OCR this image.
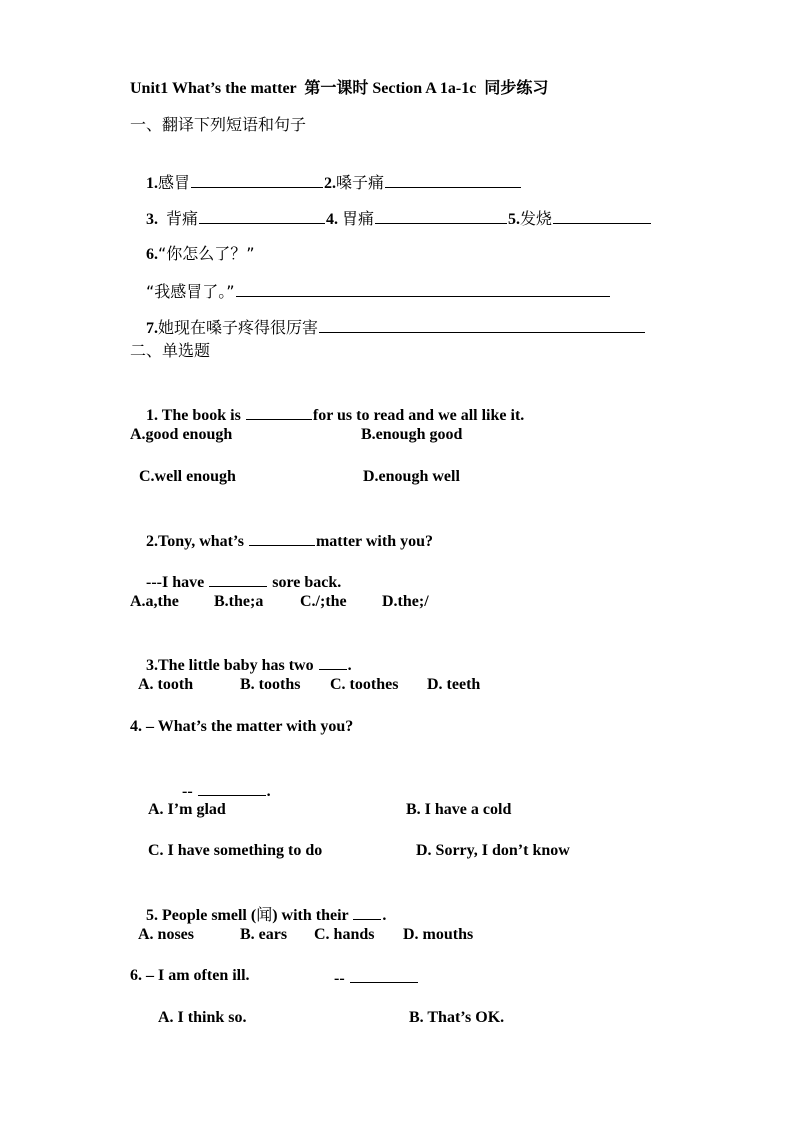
Unit1 What’s the matter  第一课时 Section A 1a-1c  同步练习
一、翻译下列短语和句子

1.感冒	2.嗓子痛

3.  背痛	4. 胃痛	5.发烧

6.“你怎么了？”

“我感冒了。”

7.她现在嗓子疼得很厉害

二、单选题

1. The book is	for us to read and we all like it.

A.good enough

	B.enough good

C.well enough

	D.enough well

2.Tony, what’s	matter with you?

---I have	sore back.

A.a,the

B.the;a

C./;the

D.the;/

3.The little baby has two .

A. tooth

	B. tooths

C. toothes

D. teeth

4. – What’s the matter with you?

--	.

A. I’m glad

	B. I have a cold

C. I have something to do

	D. Sorry, I don’t know

5. People smell (闻) with their .

A. noses

	B. ears

C. hands

D. mouths

6. – I am often ill.

	--

A. I think so.

	B. That’s OK.
